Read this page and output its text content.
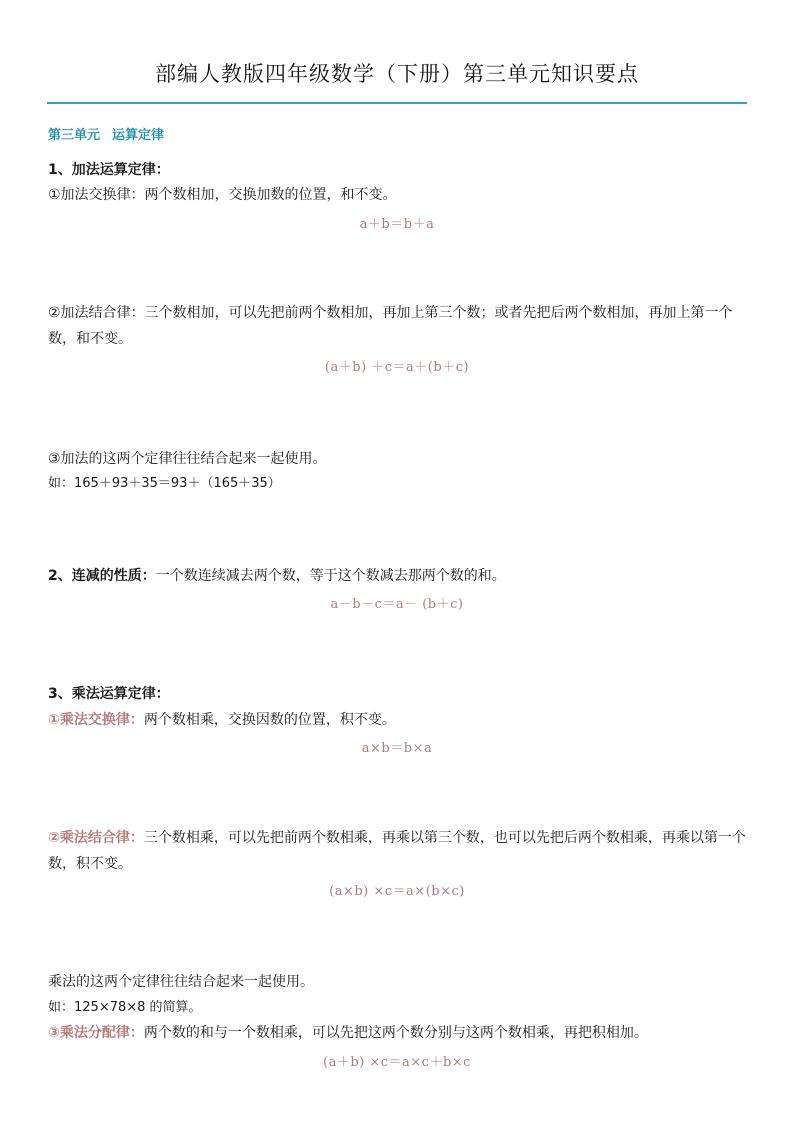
部编人教版四年级数学（下册）第三单元知识要点
第三单元 运算定律
1、加法运算定律：
①加法交换律：两个数相加，交换加数的位置，和不变。
a＋b＝b＋a
②加法结合律：三个数相加，可以先把前两个数相加，再加上第三个数；或者先把后两个数相加，再加上第一个数，和不变。
(a＋b) ＋c＝a＋(b＋c)
③加法的这两个定律往往结合起来一起使用。
如：165＋93＋35＝93＋（165＋35）
2、连减的性质：一个数连续减去两个数，等于这个数减去那两个数的和。
a－b－c＝a－ (b＋c)
3、乘法运算定律：
①乘法交换律：两个数相乘，交换因数的位置，积不变。
a×b＝b×a
②乘法结合律：三个数相乘，可以先把前两个数相乘，再乘以第三个数，也可以先把后两个数相乘，再乘以第一个数，积不变。
(a×b) ×c＝a×(b×c)
乘法的这两个定律往往结合起来一起使用。
如：125×78×8 的简算。
③乘法分配律：两个数的和与一个数相乘，可以先把这两个数分别与这两个数相乘，再把积相加。
(a＋b) ×c＝a×c＋b×c
